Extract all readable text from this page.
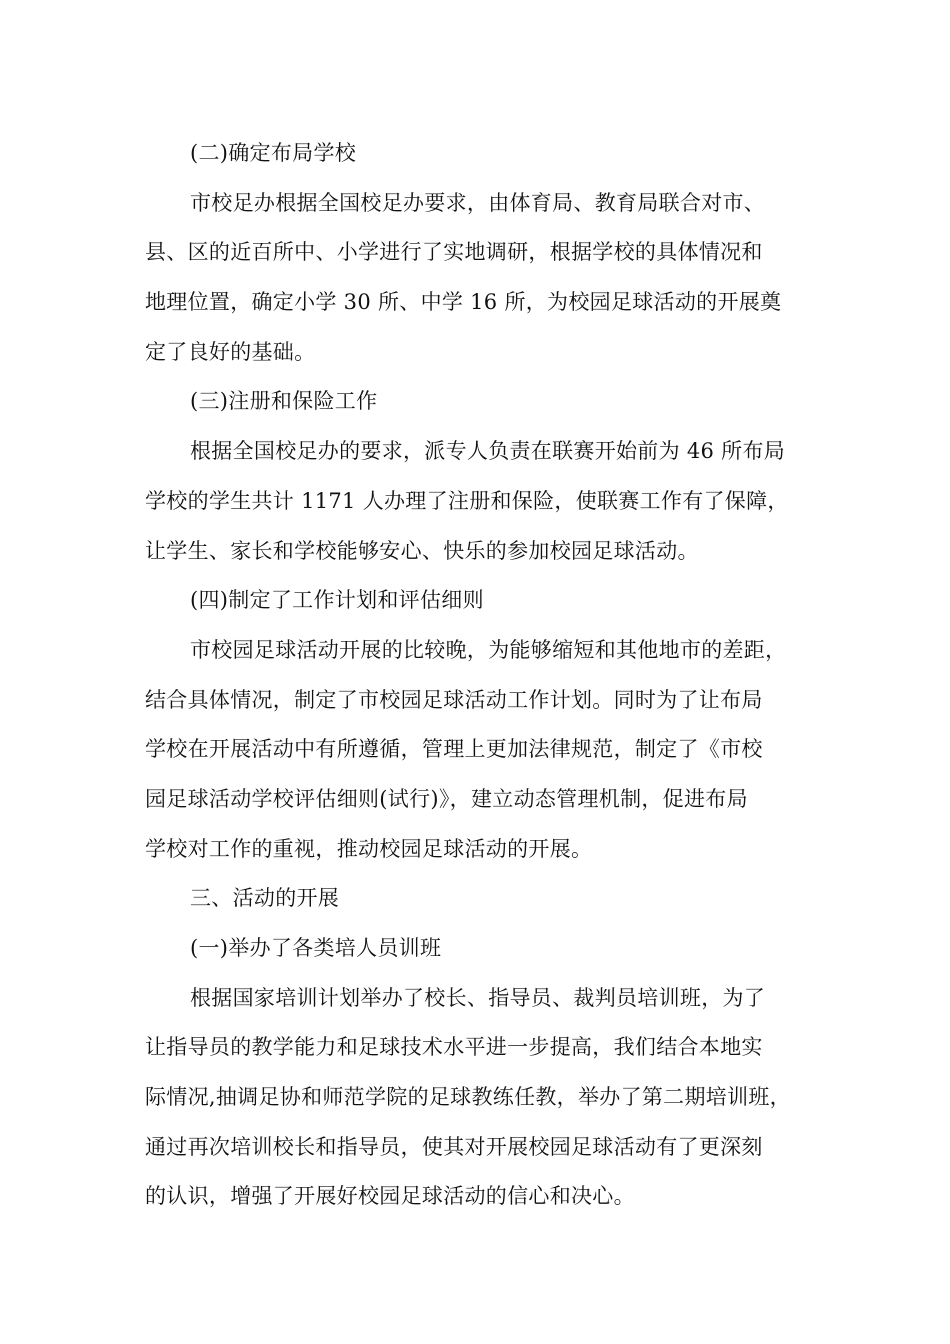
(二)确定布局学校
市校足办根据全国校足办要求，由体育局、教育局联合对市、
县、区的近百所中、小学进行了实地调研，根据学校的具体情况和
地理位置，确定小学 30 所、中学 16 所，为校园足球活动的开展奠
定了良好的基础。
(三)注册和保险工作
根据全国校足办的要求，派专人负责在联赛开始前为 46 所布局
学校的学生共计 1171 人办理了注册和保险，使联赛工作有了保障，
让学生、家长和学校能够安心、快乐的参加校园足球活动。
(四)制定了工作计划和评估细则
市校园足球活动开展的比较晚，为能够缩短和其他地市的差距，
结合具体情况，制定了市校园足球活动工作计划。同时为了让布局
学校在开展活动中有所遵循，管理上更加法律规范，制定了《市校
园足球活动学校评估细则(试行)》，建立动态管理机制，促进布局
学校对工作的重视，推动校园足球活动的开展。
三、活动的开展
(一)举办了各类培人员训班
根据国家培训计划举办了校长、指导员、裁判员培训班，为了
让指导员的教学能力和足球技术水平进一步提高，我们结合本地实
际情况,抽调足协和师范学院的足球教练任教，举办了第二期培训班，
通过再次培训校长和指导员，使其对开展校园足球活动有了更深刻
的认识，增强了开展好校园足球活动的信心和决心。
